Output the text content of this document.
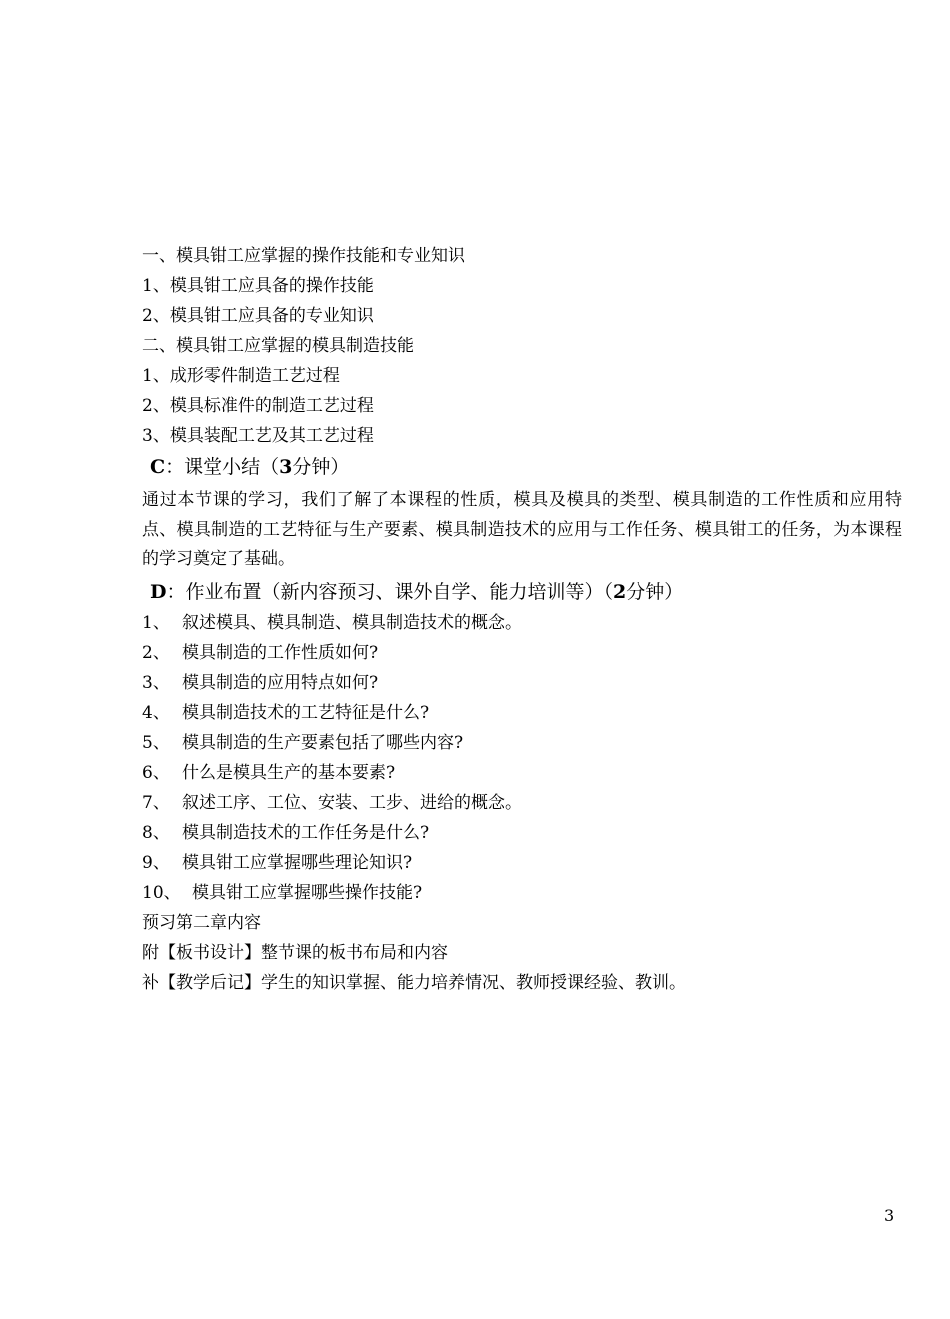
一、模具钳工应掌握的操作技能和专业知识
1、模具钳工应具备的操作技能
2、模具钳工应具备的专业知识
二、模具钳工应掌握的模具制造技能
1、成形零件制造工艺过程
2、模具标准件的制造工艺过程
3、模具装配工艺及其工艺过程
C：课堂小结（3分钟）
通过本节课的学习，我们了解了本课程的性质，模具及模具的类型、模具制造的工作性质和应用特点、模具制造的工艺特征与生产要素、模具制造技术的应用与工作任务、模具钳工的任务，为本课程的学习奠定了基础。
D：作业布置（新内容预习、课外自学、能力培训等）（2分钟）
1、 叙述模具、模具制造、模具制造技术的概念。
2、 模具制造的工作性质如何?
3、 模具制造的应用特点如何?
4、 模具制造技术的工艺特征是什么?
5、 模具制造的生产要素包括了哪些内容?
6、 什么是模具生产的基本要素?
7、 叙述工序、工位、安装、工步、进给的概念。
8、 模具制造技术的工作任务是什么?
9、 模具钳工应掌握哪些理论知识?
10、 模具钳工应掌握哪些操作技能?
预习第二章内容
附【板书设计】整节课的板书布局和内容
补【教学后记】学生的知识掌握、能力培养情况、教师授课经验、教训。
3
